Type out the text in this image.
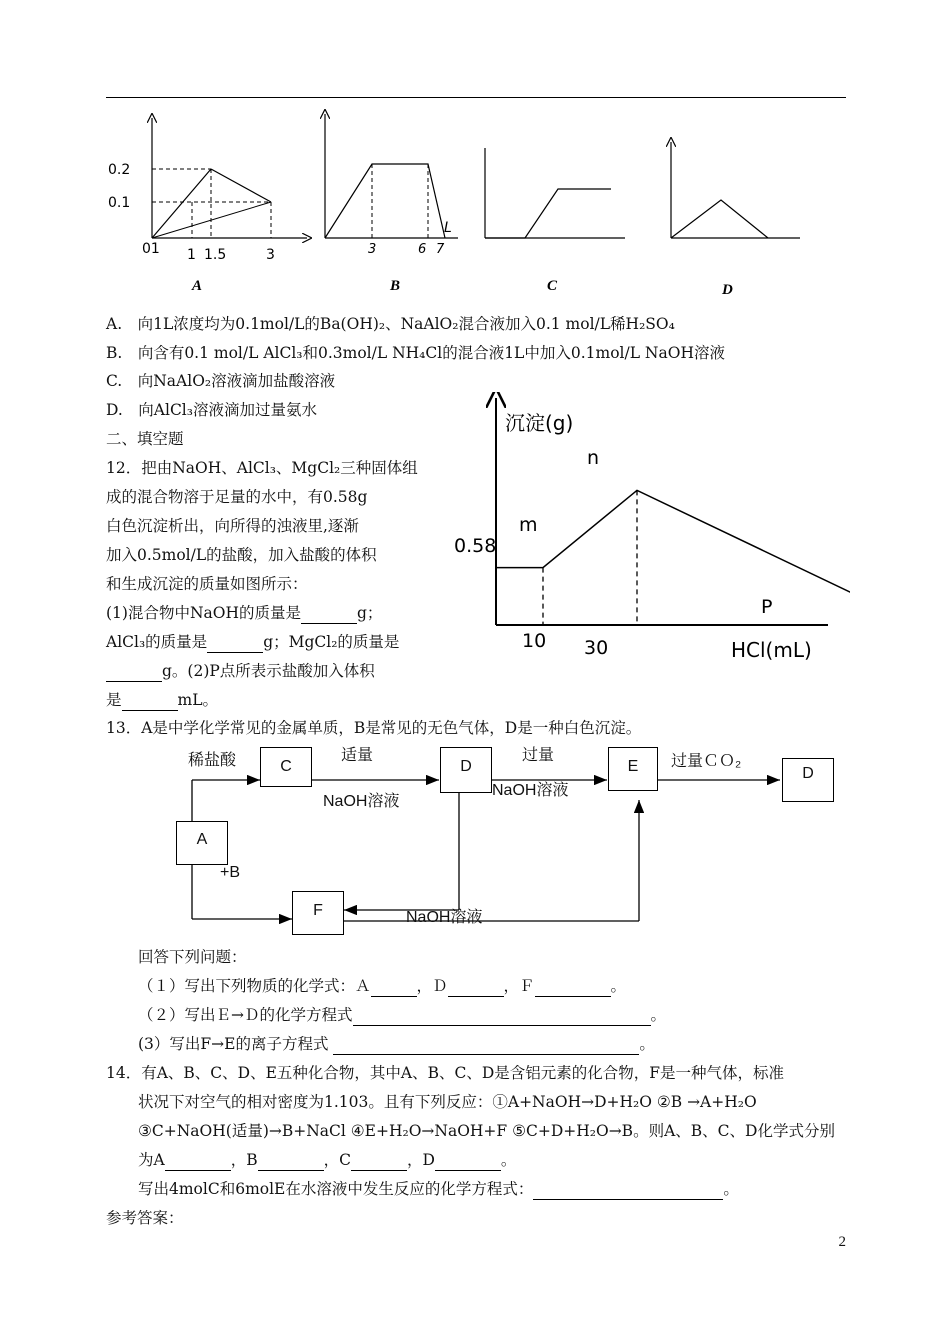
0.2
0.1
01 1 1.5	3
A
3	6 7
L
B	C	D
A.　向1L浓度均为0.1mol/L的Ba(OH)₂、NaAlO₂混合液加入0.1 mol/L稀H₂SO₄
B.　向含有0.1 mol/L AlCl₃和0.3mol/L NH₄Cl的混合液1L中加入0.1mol/L NaOH溶液
C.　向NaAlO₂溶液滴加盐酸溶液
D.　向AlCl₃溶液滴加过量氨水
二、填空题
12．把由NaOH、AlCl₃、MgCl₂三种固体组
成的混合物溶于足量的水中，有0.58g
白色沉淀析出，向所得的浊液里,逐渐
加入0.5mol/L的盐酸，加入盐酸的体积
和生成沉淀的质量如图所示：
(1)混合物中NaOH的质量是	g；
AlCl₃的质量是	g；MgCl₂的质量是
g。(2)P点所表示盐酸加入体积
是	mL。
沉淀(g)
0.58
10 30	HCl(mL)
m
n
P
13．A是中学化学常见的金属单质，B是常见的无色气体，D是一种白色沉淀。
A
C	D	E
F
D
稀盐酸
+B
适量
NaOH溶液
过量
NaOH溶液
过量ＣＯ₂
NaOH溶液
回答下列问题：
（１）写出下列物质的化学式：Ａ	，Ｄ	，Ｆ	。
（２）写出Ｅ→Ｄ的化学方程式	。
(3）写出F→E的离子方程式	。
14．有A、B、C、D、E五种化合物，其中A、B、C、D是含铝元素的化合物，F是一种气体，标准
状况下对空气的相对密度为1.103。且有下列反应：①A+NaOH→D+H₂O ②B →A+H₂O
③C+NaOH(适量)→B+NaCl ④E+H₂O→NaOH+F ⑤C+D+H₂O→B。则A、B、C、D化学式分别
为A	，B	，C	，D	。
写出4molC和6molE在水溶液中发生反应的化学方程式：	。
参考答案：
2
